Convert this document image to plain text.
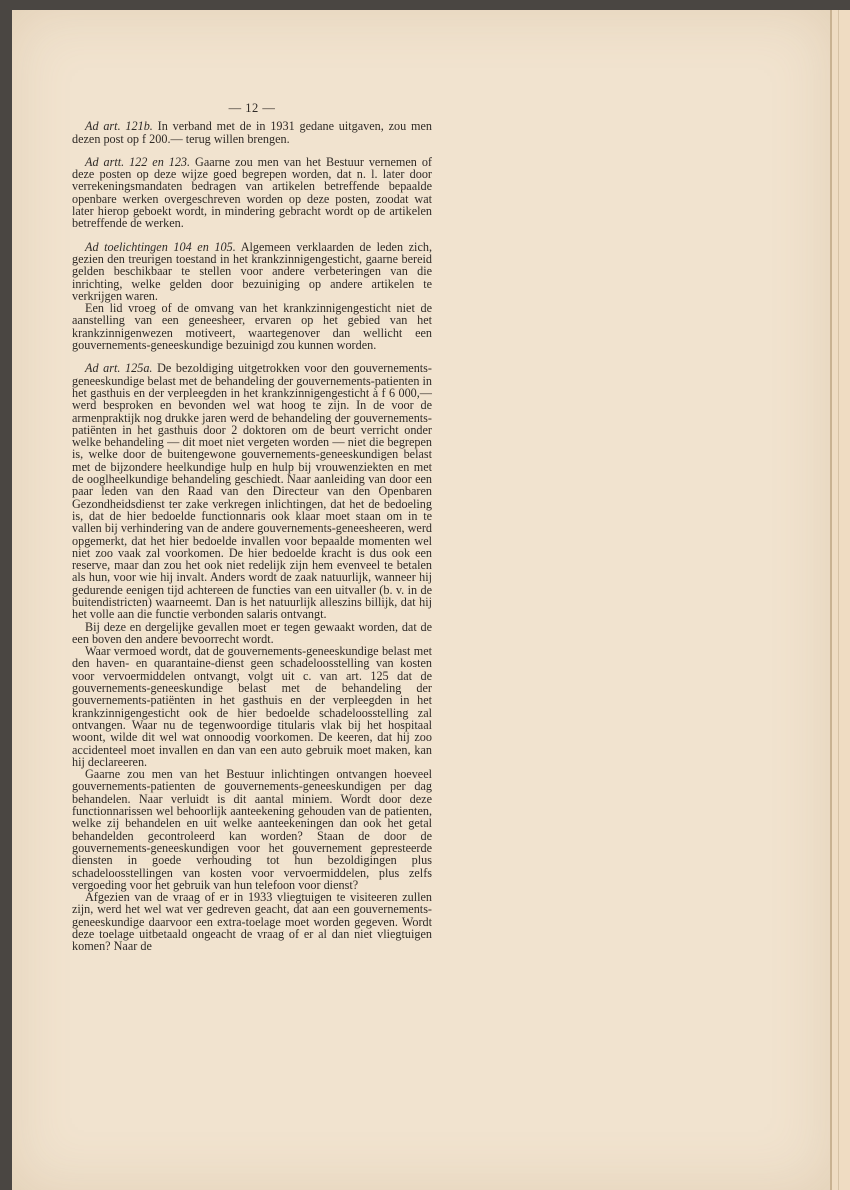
— 12 —

Ad art. 121b. In verband met de in 1931 gedane uitgaven, zou men dezen post op f 200.— terug willen brengen.

Ad artt. 122 en 123. Gaarne zou men van het Bestuur vernemen of deze posten op deze wijze goed begrepen worden, dat n. l. later door verrekeningsmandaten bedragen van artikelen betreffende bepaalde openbare werken overgeschreven worden op deze posten, zoodat wat later hierop geboekt wordt, in mindering gebracht wordt op de artikelen betreffende de werken.

Ad toelichtingen 104 en 105. Algemeen verklaarden de leden zich, gezien den treurigen toestand in het krankzinnigengesticht, gaarne bereid gelden beschikbaar te stellen voor andere verbeteringen van die inrichting, welke gelden door bezuiniging op andere artikelen te verkrijgen waren.

Een lid vroeg of de omvang van het krankzinnigengesticht niet de aanstelling van een geneesheer, ervaren op het gebied van het krankzinnigenwezen motiveert, waartegenover dan wellicht een gouvernements-geneeskundige bezuinigd zou kunnen worden.

Ad art. 125a. De bezoldiging uitgetrokken voor den gouvernements-geneeskundige belast met de behandeling der gouvernements-patienten in het gasthuis en der verpleegden in het krankzinnigengesticht à f 6 000,— werd besproken en bevonden wel wat hoog te zijn. In de voor de armenpraktijk nog drukke jaren werd de behandeling der gouvernements-patiënten in het gasthuis door 2 doktoren om de beurt verricht onder welke behandeling — dit moet niet vergeten worden — niet die begrepen is, welke door de buitengewone gouvernements-geneeskundigen belast met de bijzondere heelkundige hulp en hulp bij vrouwenziekten en met de ooglheelkundige behandeling geschiedt. Naar aanleiding van door een paar leden van den Raad van den Directeur van den Openbaren Gezondheidsdienst ter zake verkregen inlichtingen, dat het de bedoeling is, dat de hier bedoelde functionnaris ook klaar moet staan om in te vallen bij verhindering van de andere gouvernements-geneesheeren, werd opgemerkt, dat het hier bedoelde invallen voor bepaalde momenten wel niet zoo vaak zal voorkomen. De hier bedoelde kracht is dus ook een reserve, maar dan zou het ook niet redelijk zijn hem evenveel te betalen als hun, voor wie hij invalt. Anders wordt de zaak natuurlijk, wanneer hij gedurende eenigen tijd achtereen de functies van een uitvaller (b. v. in de buitendistricten) waarneemt. Dan is het natuurlijk alleszins billijk, dat hij het volle aan die functie verbonden salaris ontvangt.

Bij deze en dergelijke gevallen moet er tegen gewaakt worden, dat de een boven den andere bevoorrecht wordt.

Waar vermoed wordt, dat de gouvernements-geneeskundige belast met den haven- en quarantaine-dienst geen schadeloosstelling van kosten voor vervoermiddelen ontvangt, volgt uit c. van art. 125 dat de gouvernements-geneeskundige belast met de behandeling der gouvernements-patiënten in het gasthuis en der verpleegden in het krankzinnigengesticht ook de hier bedoelde schadeloosstelling zal ontvangen. Waar nu de tegenwoordige titularis vlak bij het hospitaal woont, wilde dit wel wat onnoodig voorkomen. De keeren, dat hij zoo accidenteel moet invallen en dan van een auto gebruik moet maken, kan hij declareeren.

Gaarne zou men van het Bestuur inlichtingen ontvangen hoeveel gouvernements-patienten de gouvernements-geneeskundigen per dag behandelen. Naar verluidt is dit aantal miniem. Wordt door deze functionnarissen wel behoorlijk aanteekening gehouden van de patienten, welke zij behandelen en uit welke aanteekeningen dan ook het getal behandelden gecontroleerd kan worden? Staan de door de gouvernements-geneeskundigen voor het gouvernement gepresteerde diensten in goede verhouding tot hun bezoldigingen plus schadeloosstellingen van kosten voor vervoermiddelen, plus zelfs vergoeding voor het gebruik van hun telefoon voor dienst?

Afgezien van de vraag of er in 1933 vliegtuigen te visiteeren zullen zijn, werd het wel wat ver gedreven geacht, dat aan een gouvernements-geneeskundige daarvoor een extra-toelage moet worden gegeven. Wordt deze toelage uitbetaald ongeacht de vraag of er al dan niet vliegtuigen komen? Naar de
